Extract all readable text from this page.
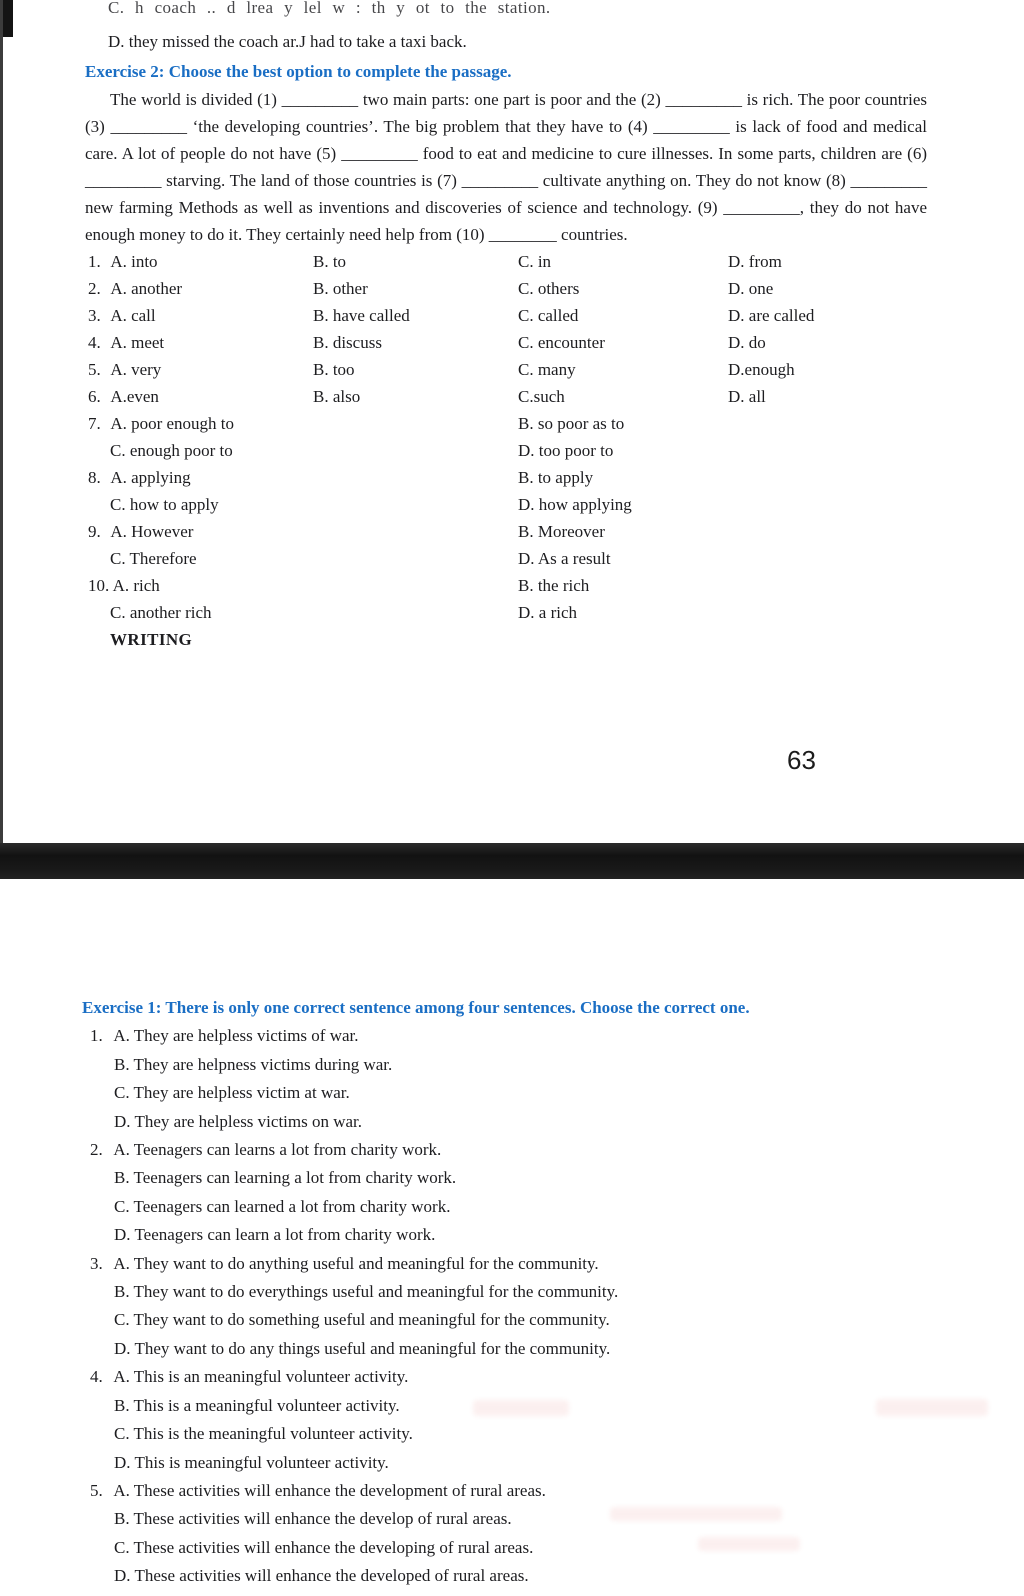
C. h coach .. d lrea y lel w : th y ot to the station.
D. they missed the coach ar.J had to take a taxi back.
Exercise 2: Choose the best option to complete the passage.
The world is divided (1) _________ two main parts: one part is poor and the (2) _________ is rich. The poor countries (3) _________ ‘the developing countries’. The big problem that they have to (4) _________ is lack of food and medical care. A lot of people do not have (5) _________ food to eat and medicine to cure illnesses. In some parts, children are (6) _________ starving. The land of those countries is (7) _________ cultivate anything on. They do not know (8) _________ new farming Methods as well as inventions and discoveries of science and technology. (9) _________, they do not have enough money to do it. They certainly need help from (10) ________ countries.
1. A. into	B. to	C. in	D. from
2. A. another	B. other	C. others	D. one
3. A. call	B. have called	C. called	D. are called
4. A. meet	B. discuss	C. encounter	D. do
5. A. very	B. too	C. many	D.enough
6. A.even	B. also	C.such	D. all
7. A. poor enough to	B. so poor as to
C. enough poor to	D. too poor to
8. A. applying	B. to apply
C. how to apply	D. how applying
9. A. However	B. Moreover
C. Therefore	D. As a result
10. A. rich	B. the rich
C. another rich	D. a rich
WRITING
63
Exercise 1: There is only one correct sentence among four sentences. Choose the correct one.
1. A. They are helpless victims of war.
B. They are helpness victims during war.
C. They are helpless victim at war.
D. They are helpless victims on war.
2. A. Teenagers can learns a lot from charity work.
B. Teenagers can learning a lot from charity work.
C. Teenagers can learned a lot from charity work.
D. Teenagers can learn a lot from charity work.
3. A. They want to do anything useful and meaningful for the community.
B. They want to do everythings useful and meaningful for the community.
C. They want to do something useful and meaningful for the community.
D. They want to do any things useful and meaningful for the community.
4. A. This is an meaningful volunteer activity.
B. This is a meaningful volunteer activity.
C. This is the meaningful volunteer activity.
D. This is meaningful volunteer activity.
5. A. These activities will enhance the development of rural areas.
B. These activities will enhance the develop of rural areas.
C. These activities will enhance the developing of rural areas.
D. These activities will enhance the developed of rural areas.
